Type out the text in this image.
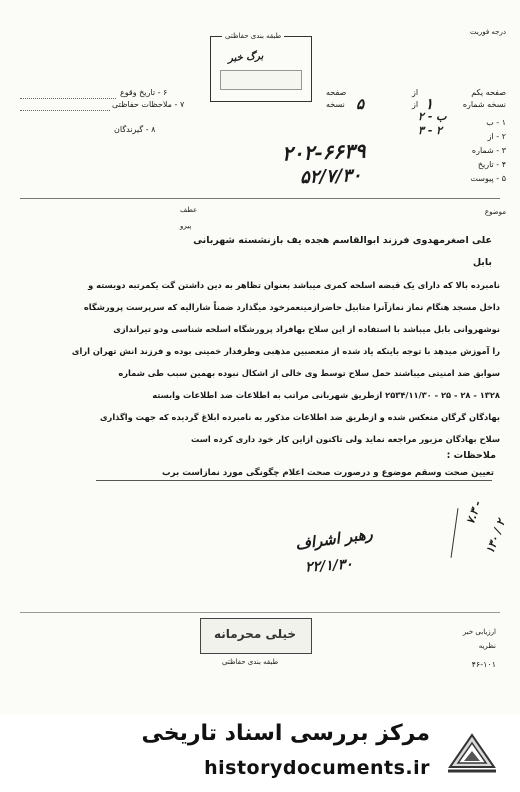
درجه فوریت
طبقه بندی حفاظتی
برگ خبر
۶ - تاریخ وقوع
۷ - ملاحظات حفاظتی
۸ - گیرندگان
صفحه یکم
از
صفحه
نسخه شماره
۱
از
۵
نسخه
۱ - ب
۲ - ب
۲ - از
۳ - ۲
۳ - شماره
۴ - تاریخ
۵ - پیوست
۲۰۲-۶۶۳۹
۵۲/۷/۳۰
عطف
پیرو
موضوع
علی اصغرمهدوی فرزند ابوالقاسم هجده یف بازنشسته شهربانی
بابل
نامبرده بالا که دارای یک قبضه اسلحه کمری میباشد بعنوان تظاهر به دین داشتن گت یکمرتبه دوبسته و
داخل مسجد هنگام نماز نمازآنرا متابیل حاضرازمینعمرخود میگذارد ضمناً شارالیه که سرپرست پرورشگاه
نوشهروانی بابل میباشد با استفاده از این سلاح بهافراد پرورشگاه اسلحه شناسی ودو تیراندازی
را آموزش میدهد با توجه باینکه یاد شده از متعصبین مذهبی وطرفدار خمینی بوده و فرزند انش تهران ارای
سوابق ضد امنیتی میباشند حمل سلاح توسط وی خالی از اشکال نبوده بهمین سبب طی شماره
۱۳۲۸ - ۲۸ - ۲۵ - ۲۵۳۴/۱۱/۳۰ ازطریق شهربانی مراتب به اطلاعات ضد اطلاعات وابسته
بهادگان گرگان منعکس شده و ازطریق ضد اطلاعات مذکور به نامبرده ابلاغ گردیده که جهت واگذاری
سلاح بهادگان مزبور مراجعه نماید ولی تاکنون ازاین کار خود داری کرده است
ملاحظات :
تعیین صحت وسقم موضوع و درصورت صحت اعلام چگونگی مورد نمازاست برب
رهبر اشراف
۲۲/۱/۳۰
۷.۳ -
۱۳۰ / ۲
خیلی محرمانه
طبقه بندی حفاظتی
ارزیابی خبر
نظریه
۴۶-۱۰۱
مرکز بررسی اسناد تاریخی
historydocuments.ir
